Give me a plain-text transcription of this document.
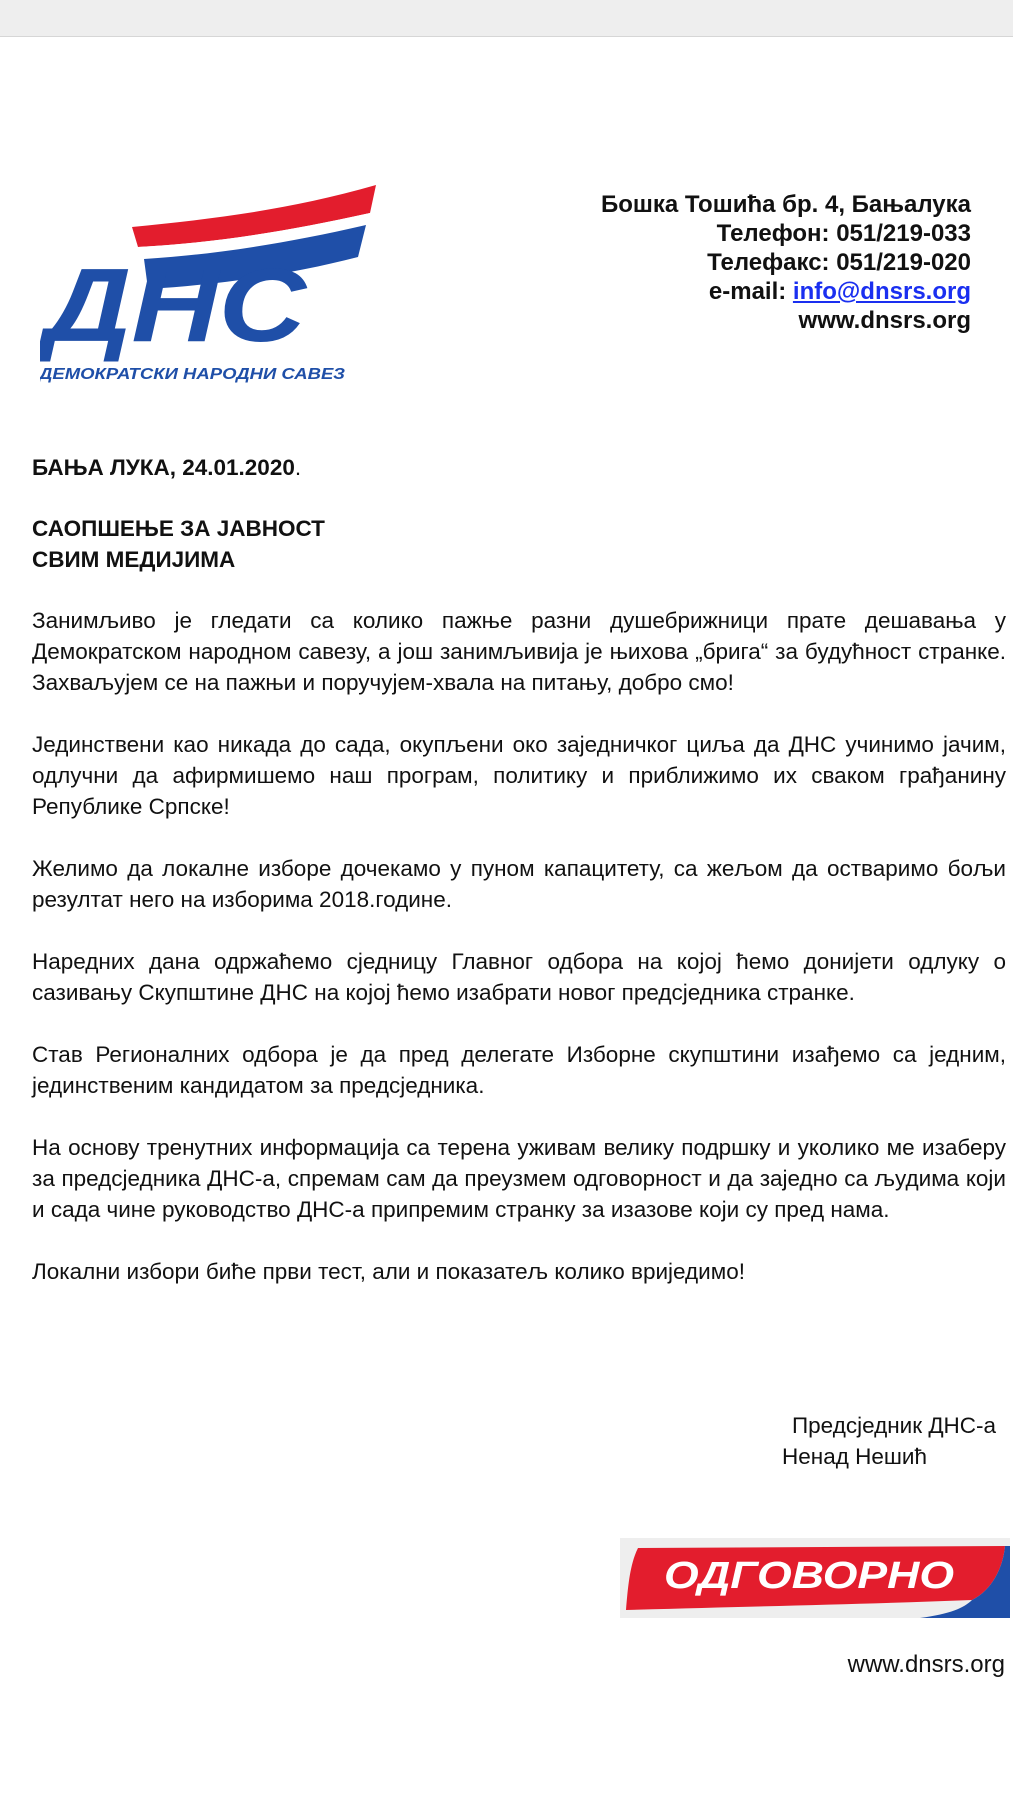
ДНС
ДЕМОКРАТСКИ НАРОДНИ САВЕЗ
Бошка Тошића бр. 4, Бањалука
Телефон: 051/219-033
Телефакс: 051/219-020
e-mail: info@dnsrs.org
www.dnsrs.org

БАЊА ЛУКА, 24.01.2020.

САОПШЕЊЕ ЗА ЈАВНОСТ
СВИМ МЕДИЈИМА

Занимљиво је гледати са колико пажње разни душебрижници прате дешавања у Демократском народном савезу, а још занимљивија је њихова „брига“ за будућност странке. Захваљујем се на пажњи и поручујем-хвала на питању, добро смо!

Јединствени као никада до сада, окупљени око заједничког циља да ДНС учинимо јачим, одлучни да афирмишемо наш програм, политику и приближимо их сваком грађанину Републике Српске!

Желимо да локалне изборе дочекамо у пуном капацитету, са жељом да остваримо бољи резултат него на изборима 2018.године.

Наредних дана одржаћемо сједницу Главног одбора на којој ћемо донијети одлуку о сазивању Скупштине ДНС на којој ћемо изабрати новог предсједника странке.

Став Регионалних одбора је да пред делегате Изборне скупштини изађемо са једним, јединственим кандидатом за предсједника.

На основу тренутних информација са терена уживам велику подршку и уколико ме изаберу за предсједника ДНС-а, спремам сам да преузмем одговорност и да заједно са људима који и сада чине руководство ДНС-а припремим странку за изазове који су пред нама.

Локални избори биће први тест, али и показатељ колико вриједимо!

Предсједник ДНС-а
Ненад Нешић
ОДГОВОРНО
www.dnsrs.org
